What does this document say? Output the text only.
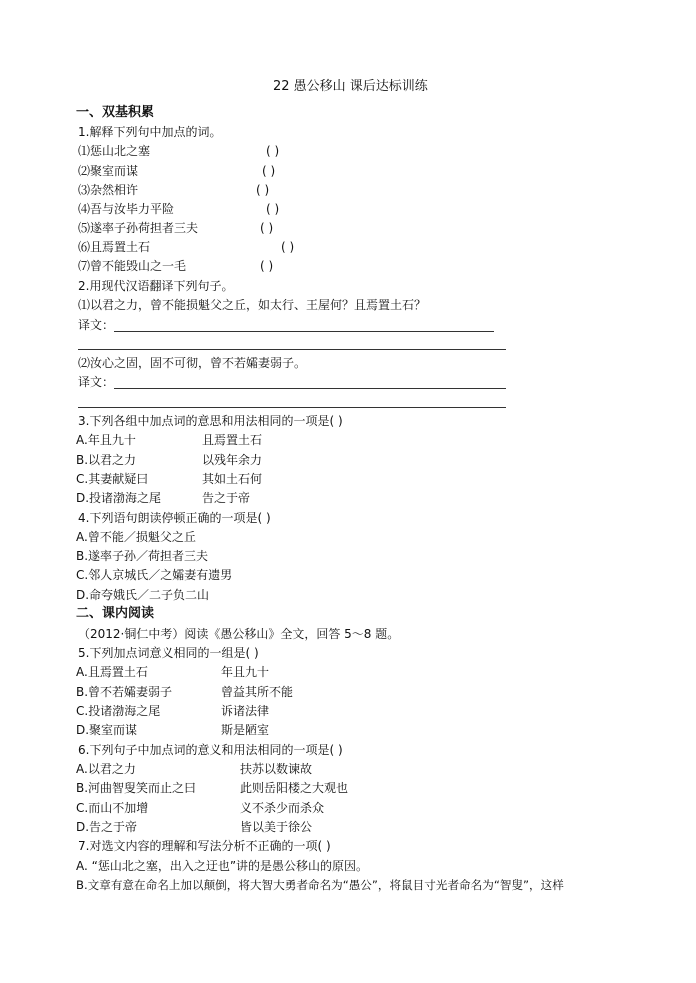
22 愚公移山 课后达标训练
一、双基积累
1.解释下列句中加点的词。
⑴惩山北之塞	( )
⑵聚室而谋	( )
⑶杂然相许	( )
⑷吾与汝毕力平险	( )
⑸遂率子孙荷担者三夫	( )
⑹且焉置土石	( )
⑺曾不能毁山之一毛	( )
2.用现代汉语翻译下列句子。
⑴以君之力，曾不能损魁父之丘，如太行、王屋何？且焉置土石？
译文：
⑵汝心之固，固不可彻，曾不若孀妻弱子。
译文：
3.下列各组中加点词的意思和用法相同的一项是( )
A.年且九十	且焉置土石
B.以君之力	以残年余力
C.其妻献疑曰	其如土石何
D.投诸渤海之尾	告之于帝
4.下列语句朗读停顿正确的一项是( )
A.曾不能／损魁父之丘
B.遂率子孙／荷担者三夫
C.邻人京城氏／之孀妻有遗男
D.命夸娥氏／二子负二山
二、课内阅读
（2012·铜仁中考）阅读《愚公移山》全文，回答 5～8 题。
5.下列加点词意义相同的一组是( )
A.且焉置土石	年且九十
B.曾不若孀妻弱子	曾益其所不能
C.投诸渤海之尾	诉诸法律
D.聚室而谋	斯是陋室
6.下列句子中加点词的意义和用法相同的一项是( )
A.以君之力	扶苏以数谏故
B.河曲智叟笑而止之曰	此则岳阳楼之大观也
C.而山不加增	义不杀少而杀众
D.告之于帝	皆以美于徐公
7.对选文内容的理解和写法分析不正确的一项( )
A. “惩山北之塞，出入之迂也”讲的是愚公移山的原因。
B.文章有意在命名上加以颠倒，将大智大勇者命名为“愚公”，将鼠目寸光者命名为“智叟”，这样
